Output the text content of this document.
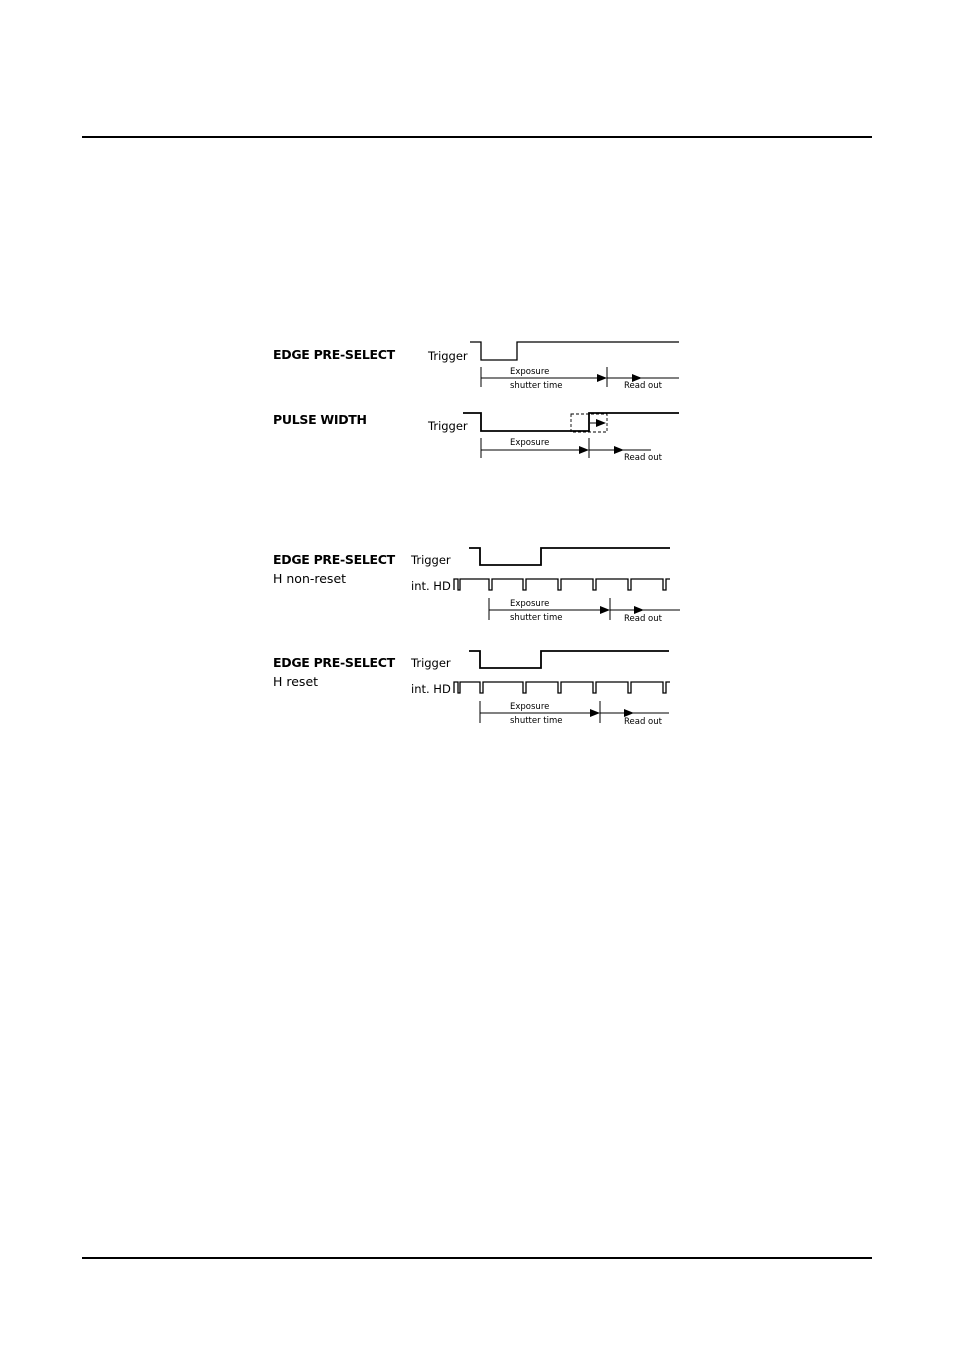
EDGE PRE-SELECT
PULSE WIDTH
EDGE PRE-SELECT
H non-reset
EDGE PRE-SELECT
H reset
Trigger
Exposure
shutter time	Read out
Trigger
Exposure
Read out
Trigger
int. HD
Exposure
shutter time	Read out
Trigger
int. HD
Exposure
shutter time	Read out
